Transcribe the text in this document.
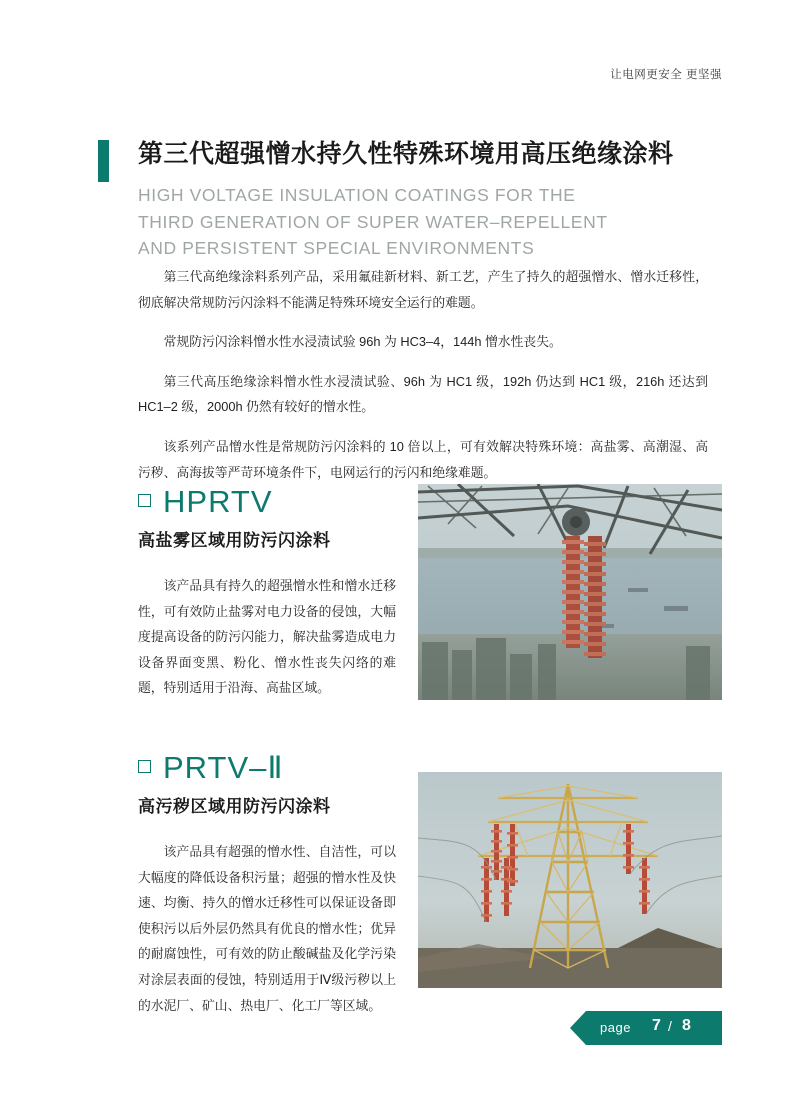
让电网更安全 更坚强
第三代超强憎水持久性特殊环境用高压绝缘涂料
HIGH VOLTAGE INSULATION COATINGS FOR THE
THIRD GENERATION OF SUPER WATER–REPELLENT
AND PERSISTENT SPECIAL ENVIRONMENTS

第三代高绝缘涂料系列产品，采用氟硅新材料、新工艺，产生了持久的超强憎水、憎水迁移性，彻底解决常规防污闪涂料不能满足特殊环境安全运行的难题。

常规防污闪涂料憎水性水浸渍试验 96h 为 HC3–4，144h 憎水性丧失。

第三代高压绝缘涂料憎水性水浸渍试验、96h 为 HC1 级，192h 仍达到 HC1 级，216h 还达到 HC1–2 级，2000h 仍然有较好的憎水性。

该系列产品憎水性是常规防污闪涂料的 10 倍以上，可有效解决特殊环境：高盐雾、高潮湿、高污秽、高海拔等严苛环境条件下，电网运行的污闪和绝缘难题。

HPRTV
高盐雾区域用防污闪涂料
该产品具有持久的超强憎水性和憎水迁移性，可有效防止盐雾对电力设备的侵蚀，大幅度提高设备的防污闪能力，解决盐雾造成电力设备界面变黑、粉化、憎水性丧失闪络的难题，特别适用于沿海、高盐区域。
PRTV–Ⅱ
高污秽区域用防污闪涂料
该产品具有超强的憎水性、自洁性，可以大幅度的降低设备积污量；超强的憎水性及快速、均衡、持久的憎水迁移性可以保证设备即使积污以后外层仍然具有优良的憎水性；优异的耐腐蚀性，可有效的防止酸碱盐及化学污染对涂层表面的侵蚀，特别适用于Ⅳ级污秽以上的水泥厂、矿山、热电厂、化工厂等区域。
page 7 / 8
